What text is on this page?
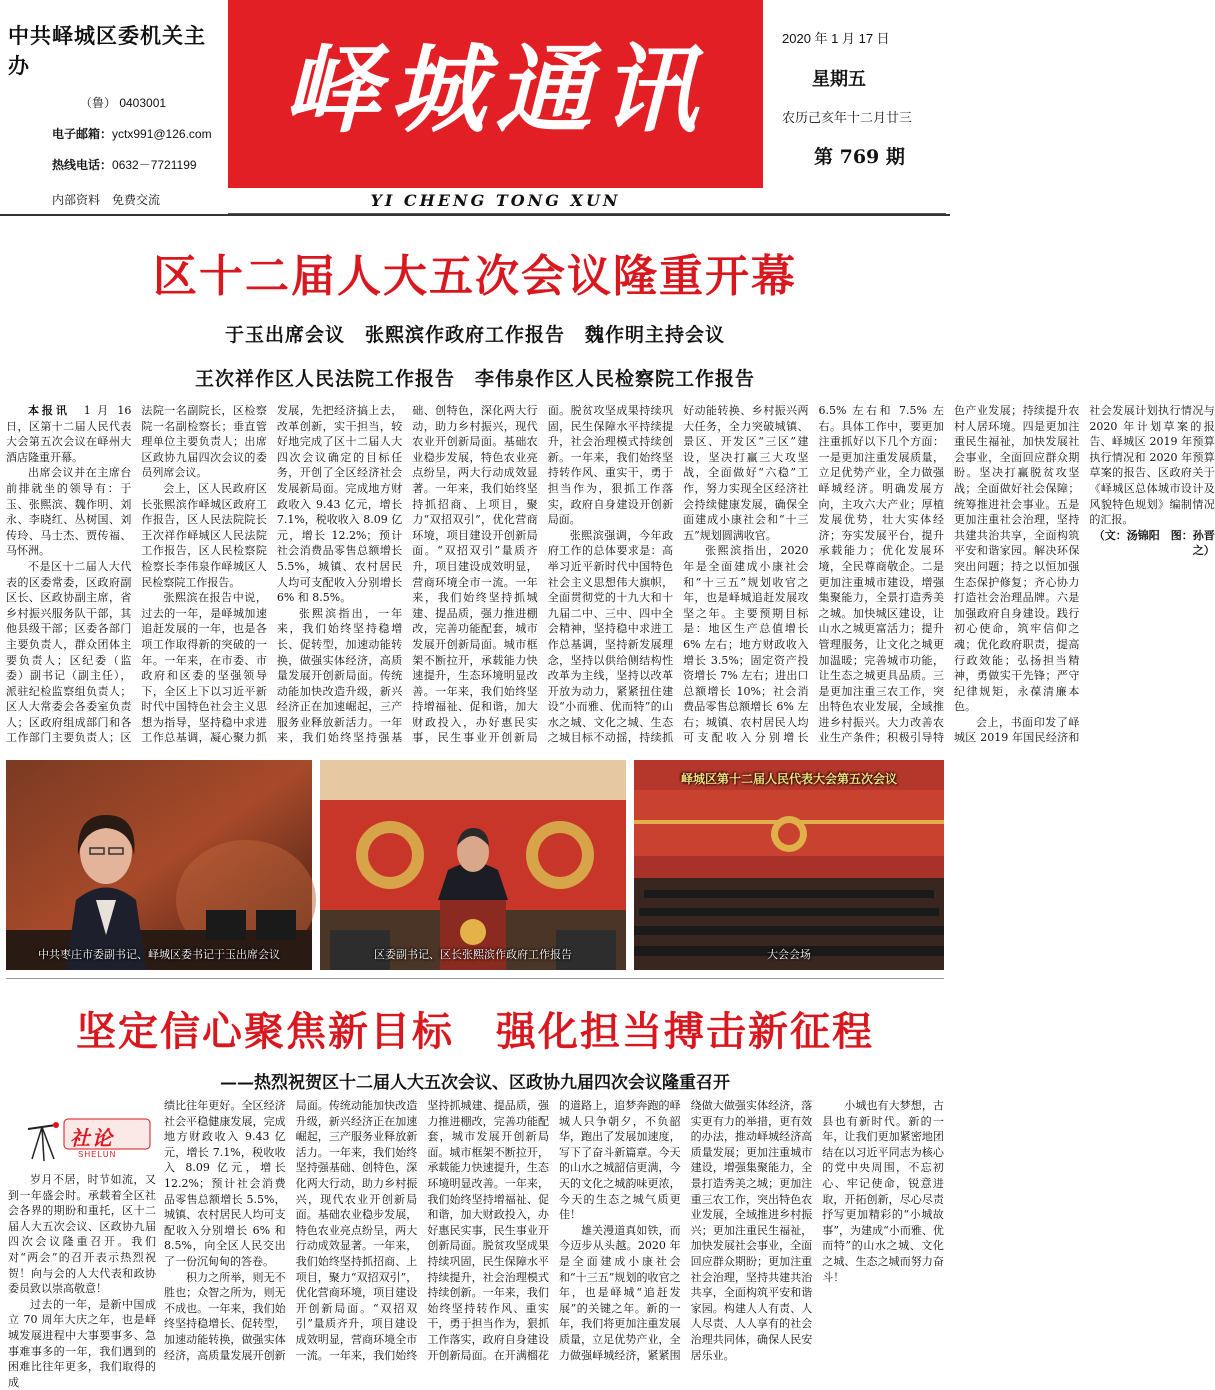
中共峄城区委机关主办
（鲁） 0403001
电子邮箱：yctx991@126.com
热线电话：0632－7721199
内部资料　免费交流
峄城通讯
YI CHENG TONG XUN
2020 年 1 月 17 日
星期五
农历己亥年十二月廿三
第 769 期
区十二届人大五次会议隆重开幕
于玉出席会议　张熙滨作政府工作报告　魏作明主持会议
王次祥作区人民法院工作报告　李伟泉作区人民检察院工作报告

本报讯　 1 月 16 日，区第十二届人民代表大会第五次会议在峄州大酒店隆重开幕。

出席会议并在主席台前排就坐的领导有：于玉、张熙滨、魏作明、刘永、李晓红、丛树国、刘传玲、马士杰、贾传福、马怀洲。

不是区十二届人大代表的区委常委，区政府副区长、区政协副主席，省乡村振兴服务队干部，其他县级干部；区委各部门主要负责人，群众团体主要负责人；区纪委（监委）副书记（副主任），派驻纪检监察组负责人；区人大常委会各委室负责人；区政府组成部门和各工作部门主要负责人；区法院一名副院长，区检察院一名副检察长；垂直管理单位主要负责人；出席区政协九届四次会议的委员列席会议。

会上，区人民政府区长张熙滨作峄城区政府工作报告，区人民法院院长王次祥作峄城区人民法院工作报告，区人民检察院检察长李伟泉作峄城区人民检察院工作报告。

张熙滨在报告中说，过去的一年，是峄城加速追赶发展的一年，也是各项工作取得新的突破的一年。一年来，在市委、市政府和区委的坚强领导下，全区上下以习近平新时代中国特色社会主义思想为指导，坚持稳中求进工作总基调，凝心聚力抓发展，先把经济搞上去，改革创新，实干担当，较好地完成了区十二届人大四次会议确定的目标任务，开创了全区经济社会发展新局面。完成地方财政收入 9.43 亿元，增长 7.1%，税收收入 8.09 亿元，增长 12.2%；预计社会消费品零售总额增长 5.5%，城镇、农村居民人均可支配收入分别增长 6% 和 8.5%。

张熙滨指出，一年来，我们始终坚持稳增长、促转型，加速动能转换，做强实体经济，高质量发展开创新局面。传统动能加快改造升级，新兴经济正在加速崛起，三产服务业释放新活力。一年来，我们始终坚持强基础、创特色，深化两大行动，助力乡村振兴，现代农业开创新局面。基础农业稳步发展，特色农业亮点纷呈，两大行动成效显著。一年来，我们始终坚持抓招商、上项目，聚力“双招双引”，优化营商环境，项目建设开创新局面。“双招双引”量质齐升，项目建设成效明显，营商环境全市一流。一年来，我们始终坚持抓城建、提品质，强力推进棚改，完善功能配套，城市发展开创新局面。城市框架不断拉开，承载能力快速提升，生态环境明显改善。一年来，我们始终坚持增福祉、促和谐，加大财政投入，办好惠民实事，民生事业开创新局面。脱贫攻坚成果持续巩固，民生保障水平持续提升，社会治理模式持续创新。一年来，我们始终坚持转作风、重实干，勇于担当作为，狠抓工作落实，政府自身建设开创新局面。

张熙滨强调，今年政府工作的总体要求是：高举习近平新时代中国特色社会主义思想伟大旗帜，全面贯彻党的十九大和十九届二中、三中、四中全会精神，坚持稳中求进工作总基调，坚持新发展理念，坚持以供给侧结构性改革为主线，坚持以改革开放为动力，紧紧扭住建设“小而雅、优而特”的山水之城、文化之城、生态之城目标不动摇，持续抓好动能转换、乡村振兴两大任务，全力突破城镇、景区、开发区“三区”建设，坚决打赢三大攻坚战，全面做好“六稳”工作，努力实现全区经济社会持续健康发展，确保全面建成小康社会和“十三五”规划圆满收官。

张熙滨指出，2020 年是全面建成小康社会和“十三五”规划收官之年，也是峄城追赶发展攻坚之年。主要预期目标是：地区生产总值增长 6% 左右；地方财政收入增长 3.5%；固定资产投资增长 7% 左右；进出口总额增长 10%；社会消费品零售总额增长 6% 左右；城镇、农村居民人均可支配收入分别增长 6.5% 左右和 7.5% 左右。具体工作中，要更加注重抓好以下几个方面：一是更加注重发展质量，立足优势产业，全力做强峄城经济。明确发展方向，主攻六大产业；厚植发展优势，壮大实体经济；夯实发展平台，提升承载能力；优化发展环境，全民尊商敬企。二是更加注重城市建设，增强集聚能力，全景打造秀美之城。加快城区建设，让山水之城更富活力；提升管理服务，让文化之城更加温暖；完善城市功能，让生态之城更具品质。三是更加注重三农工作，突出特色农业发展，全域推进乡村振兴。大力改善农业生产条件；积极引导特色产业发展；持续提升农村人居环境。四是更加注重民生福祉，加快发展社会事业，全面回应群众期盼。坚决打赢脱贫攻坚战；全面做好社会保障；统筹推进社会事业。五是更加注重社会治理，坚持共建共治共享，全面构筑平安和谐家园。解决环保突出问题；持之以恒加强生态保护修复；齐心协力打造社会治理品牌。六是加强政府自身建设。践行初心使命，筑牢信仰之魂；优化政府职责，提高行政效能；弘扬担当精神，勇做实干先锋；严守纪律规矩，永葆清廉本色。

会上，书面印发了峄城区 2019 年国民经济和社会发展计划执行情况与 2020 年计划草案的报告、峄城区 2019 年预算执行情况和 2020 年预算草案的报告、区政府关于《峄城区总体城市设计及风貌特色规划》编制情况的汇报。

（文：汤锦阳　图：孙晋之）

中共枣庄市委副书记、峄城区委书记于玉出席会议	区委副书记、区长张熙滨作政府工作报告
峄城区第十二届人民代表大会第五次会议
大会会场
坚定信心聚焦新目标　强化担当搏击新征程
——热烈祝贺区十二届人大五次会议、区政协九届四次会议隆重召开
社论
SHELUN

岁月不居，时节如流，又到一年盛会时。承载着全区社会各界的期盼和重托，区十二届人大五次会议、区政协九届四次会议隆重召开。我们对“两会”的召开表示热烈祝贺！向与会的人大代表和政协委员致以崇高敬意！

过去的一年，是新中国成立 70 周年大庆之年，也是峄城发展进程中大事要事多、急事难事多的一年，我们遇到的困难比往年更多，我们取得的成

绩比往年更好。全区经济社会平稳健康发展，完成地方财政收入 9.43 亿元，增长 7.1%，税收收入 8.09 亿元，增长 12.2%；预计社会消费品零售总额增长 5.5%，城镇、农村居民人均可支配收入分别增长 6% 和 8.5%，向全区人民交出了一份沉甸甸的答卷。

积力之所举，则无不胜也；众智之所为，则无不成也。一年来，我们始终坚持稳增长、促转型，加速动能转换，做强实体经济，高质量发展开创新局面。传统动能加快改造升级，新兴经济正在加速崛起，三产服务业释放新活力。一年来，我们始终坚持强基础、创特色，深化两大行动，助力乡村振兴，现代农业开创新局面。基础农业稳步发展，特色农业亮点纷呈，两大行动成效显著。一年来，我们始终坚持抓招商、上项目，聚力“双招双引”，优化营商环境，项目建设开创新局面。“双招双引”量质齐升，项目建设成效明显，营商环境全市一流。一年来，我们始终坚持抓城建、提品质，强力推进棚改，完善功能配套，城市发展开创新局面。城市框架不断拉开，承载能力快速提升，生态环境明显改善。一年来，我们始终坚持增福祉、促和谐，加大财政投入，办好惠民实事，民生事业开创新局面。脱贫攻坚成果持续巩固，民生保障水平持续提升，社会治理模式持续创新。一年来，我们始终坚持转作风、重实干，勇于担当作为，狠抓工作落实，政府自身建设开创新局面。在开满榴花的道路上，追梦奔跑的峄城人只争朝夕，不负韶华，跑出了发展加速度，写下了奋斗新篇章。今天的山水之城韶信更满，今天的文化之城韵味更浓，今天的生态之城气质更佳！

雄关漫道真如铁，而今迈步从头越。2020 年是全面建成小康社会和“十三五”规划的收官之年，也是峄城“追赶发展”的关键之年。新的一年，我们将更加注重发展质量，立足优势产业，全力做强峄城经济，紧紧围绕做大做强实体经济，落实更有力的举措，更有效的办法，推动峄城经济高质量发展；更加注重城市建设，增强集聚能力，全景打造秀美之城；更加注重三农工作，突出特色农业发展，全域推进乡村振兴；更加注重民生福祉，加快发展社会事业，全面回应群众期盼；更加注重社会治理，坚持共建共治共享，全面构筑平安和谐家园。构建人人有责、人人尽责、人人享有的社会治理共同体，确保人民安居乐业。

小城也有大梦想，古县也有新时代。新的一年，让我们更加紧密地团结在以习近平同志为核心的党中央周围，不忘初心、牢记使命，锐意进取，开拓创新，尽心尽责抒写更加精彩的“小城故事”，为建成“小而雅、优而特”的山水之城、文化之城、生态之城而努力奋斗！
